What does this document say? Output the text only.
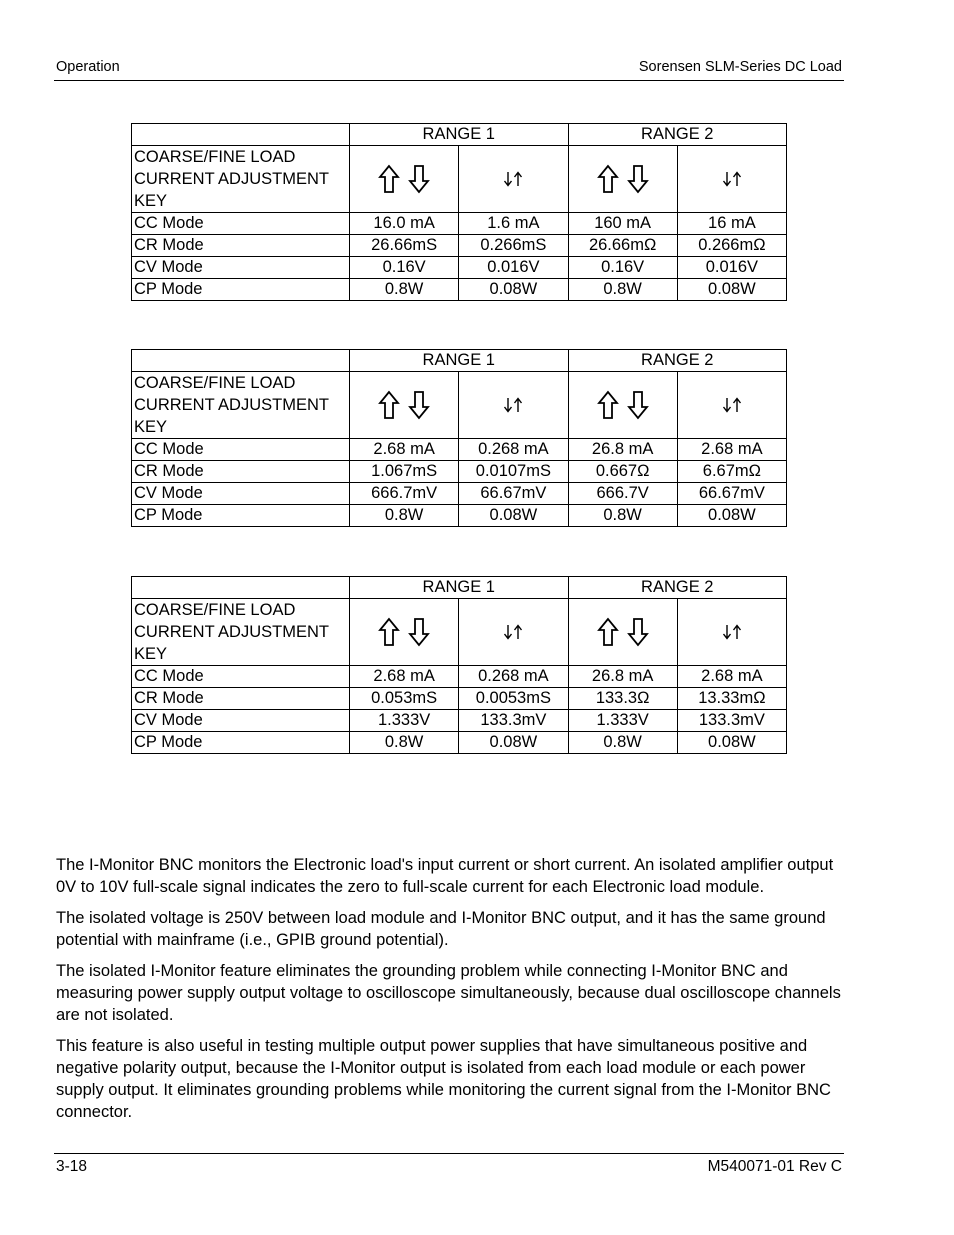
Operation	Sorensen SLM-Series DC Load
	RANGE 1		RANGE 2	
COARSE/FINE LOAD CURRENT ADJUSTMENT KEY	

CC Mode	16.0 mA	1.6 mA	160 mA	16 mA
CR Mode	26.66mS	0.266mS	26.66mΩ	0.266mΩ
CV Mode	0.16V	0.016V	0.16V	0.016V
CP Mode	0.8W	0.08W	0.8W	0.08W
	RANGE 1		RANGE 2	
COARSE/FINE LOAD CURRENT ADJUSTMENT KEY	

CC Mode	2.68 mA	0.268 mA	26.8 mA	2.68 mA
CR Mode	1.067mS	0.0107mS	0.667Ω	6.67mΩ
CV Mode	666.7mV	66.67mV	666.7V	66.67mV
CP Mode	0.8W	0.08W	0.8W	0.08W
	RANGE 1		RANGE 2	
COARSE/FINE LOAD CURRENT ADJUSTMENT KEY	

CC Mode	2.68 mA	0.268 mA	26.8 mA	2.68 mA
CR Mode	0.053mS	0.0053mS	133.3Ω	13.33mΩ
CV Mode	1.333V	133.3mV	1.333V	133.3mV
CP Mode	0.8W	0.08W	0.8W	0.08W

The I-Monitor BNC monitors the Electronic load's input current or short current. An isolated amplifier output 0V to 10V full-scale signal indicates the zero to full-scale current for each Electronic load module.

The isolated voltage is 250V between load module and I-Monitor BNC output, and it has the same ground potential with mainframe (i.e., GPIB ground potential).

The isolated I-Monitor feature eliminates the grounding problem while connecting I-Monitor BNC and measuring power supply output voltage to oscilloscope simultaneously, because dual oscilloscope channels are not isolated.

This feature is also useful in testing multiple output power supplies that have simultaneous positive and negative polarity output, because the I-Monitor output is isolated from each load module or each power supply output. It eliminates grounding problems while monitoring the current signal from the I-Monitor BNC connector.

3-18	M540071-01 Rev C
